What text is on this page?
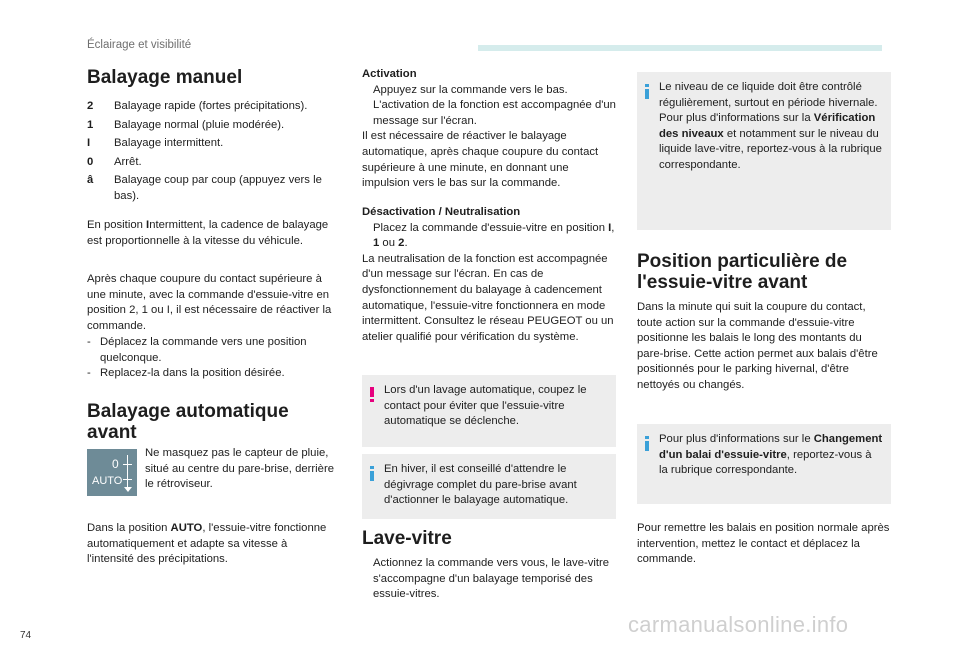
Éclairage et visibilité
Balayage manuel
2	Balayage rapide (fortes précipitations).
1	Balayage normal (pluie modérée).
I	Balayage intermittent.
0	Arrêt.
â	Balayage coup par coup (appuyez vers le bas).

En position Intermittent, la cadence de balayage est proportionnelle à la vitesse du véhicule.

Après chaque coupure du contact supérieure à une minute, avec la commande d'essuie-vitre en position 2, 1 ou I, il est nécessaire de réactiver la commande.

- Déplacez la commande vers une position quelconque.
- Replacez-la dans la position désirée.
Balayage automatique avant
0
AUTO

Ne masquez pas le capteur de pluie, situé au centre du pare-brise, derrière le rétroviseur.

Dans la position AUTO, l'essuie-vitre fonctionne automatiquement et adapte sa vitesse à l'intensité des précipitations.

Activation
Appuyez sur la commande vers le bas. L'activation de la fonction est accompagnée d'un message sur l'écran.

Il est nécessaire de réactiver le balayage automatique, après chaque coupure du contact supérieure à une minute, en donnant une impulsion vers le bas sur la commande.

Désactivation / Neutralisation
Placez la commande d'essuie-vitre en position I, 1 ou 2.

La neutralisation de la fonction est accompagnée d'un message sur l'écran. En cas de dysfonctionnement du balayage à cadencement automatique, l'essuie-vitre fonctionnera en mode intermittent. Consultez le réseau PEUGEOT ou un atelier qualifié pour vérification du système.

Lors d'un lavage automatique, coupez le contact pour éviter que l'essuie-vitre automatique se déclenche.

En hiver, il est conseillé d'attendre le dégivrage complet du pare-brise avant d'actionner le balayage automatique.

Lave-vitre
Actionnez la commande vers vous, le lave-vitre s'accompagne d'un balayage temporisé des essuie-vitres.

Le niveau de ce liquide doit être contrôlé régulièrement, surtout en période hivernale. Pour plus d'informations sur la Vérification des niveaux et notamment sur le niveau du liquide lave-vitre, reportez-vous à la rubrique correspondante.

Position particulière de l'essuie-vitre avant

Dans la minute qui suit la coupure du contact, toute action sur la commande d'essuie-vitre positionne les balais le long des montants du pare-brise. Cette action permet aux balais d'être positionnés pour le parking hivernal, d'être nettoyés ou changés.

Pour plus d'informations sur le Changement d'un balai d'essuie-vitre, reportez-vous à la rubrique correspondante.

Pour remettre les balais en position normale après intervention, mettez le contact et déplacez la commande.

74	carmanualsonline.info
